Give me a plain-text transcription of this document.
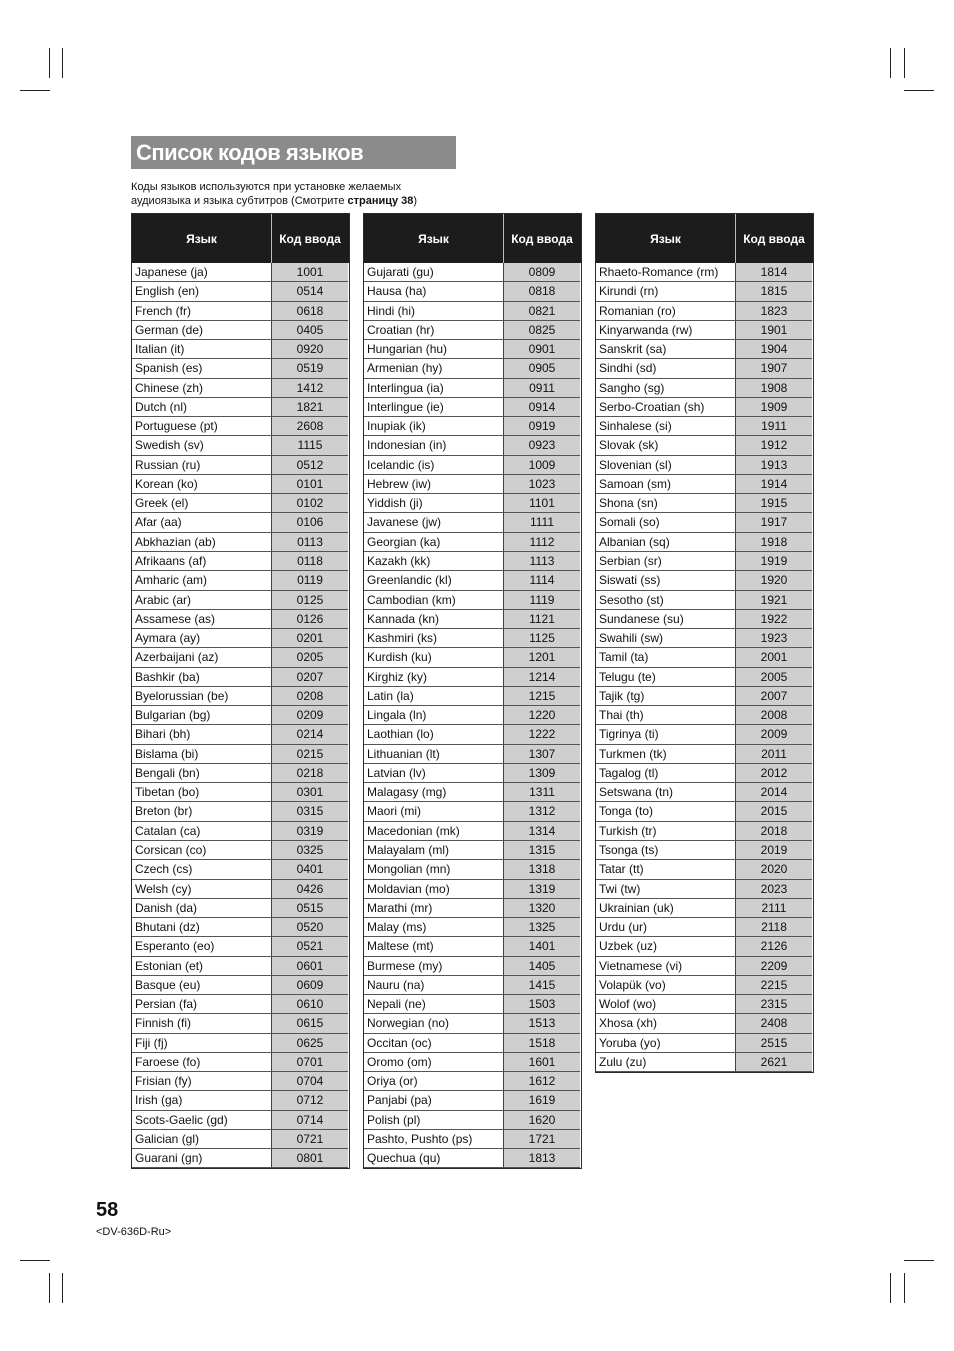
Список кодов языков
Коды языков используются при установке желаемых
аудиоязыка и языка субтитров (Смотрите страницу 38)
Язык	Код ввода
Japanese (ja)	1001
English (en)	0514
French (fr)	0618
German (de)	0405
Italian (it)	0920
Spanish (es)	0519
Chinese (zh)	1412
Dutch (nl)	1821
Portuguese (pt)	2608
Swedish (sv)	1115
Russian (ru)	0512
Korean (ko)	0101
Greek (el)	0102
Afar (aa)	0106
Abkhazian (ab)	0113
Afrikaans (af)	0118
Amharic (am)	0119
Arabic (ar)	0125
Assamese (as)	0126
Aymara (ay)	0201
Azerbaijani (az)	0205
Bashkir (ba)	0207
Byelorussian (be)	0208
Bulgarian (bg)	0209
Bihari (bh)	0214
Bislama (bi)	0215
Bengali (bn)	0218
Tibetan (bo)	0301
Breton (br)	0315
Catalan (ca)	0319
Corsican (co)	0325
Czech (cs)	0401
Welsh (cy)	0426
Danish (da)	0515
Bhutani (dz)	0520
Esperanto (eo)	0521
Estonian (et)	0601
Basque (eu)	0609
Persian (fa)	0610
Finnish (fi)	0615
Fiji (fj)	0625
Faroese (fo)	0701
Frisian (fy)	0704
Irish (ga)	0712
Scots-Gaelic (gd)	0714
Galician (gl)	0721
Guarani (gn)	0801
Язык	Код ввода
Gujarati (gu)	0809
Hausa (ha)	0818
Hindi (hi)	0821
Croatian (hr)	0825
Hungarian (hu)	0901
Armenian (hy)	0905
Interlingua (ia)	0911
Interlingue (ie)	0914
Inupiak (ik)	0919
Indonesian (in)	0923
Icelandic (is)	1009
Hebrew (iw)	1023
Yiddish (ji)	1101
Javanese (jw)	1111
Georgian (ka)	1112
Kazakh (kk)	1113
Greenlandic (kl)	1114
Cambodian (km)	1119
Kannada (kn)	1121
Kashmiri (ks)	1125
Kurdish (ku)	1201
Kirghiz (ky)	1214
Latin (la)	1215
Lingala (ln)	1220
Laothian (lo)	1222
Lithuanian (lt)	1307
Latvian (lv)	1309
Malagasy (mg)	1311
Maori (mi)	1312
Macedonian (mk)	1314
Malayalam (ml)	1315
Mongolian (mn)	1318
Moldavian (mo)	1319
Marathi (mr)	1320
Malay (ms)	1325
Maltese (mt)	1401
Burmese (my)	1405
Nauru (na)	1415
Nepali (ne)	1503
Norwegian (no)	1513
Occitan (oc)	1518
Oromo (om)	1601
Oriya (or)	1612
Panjabi (pa)	1619
Polish (pl)	1620
Pashto, Pushto (ps)	1721
Quechua (qu)	1813
Язык	Код ввода
Rhaeto-Romance (rm)	1814
Kirundi (rn)	1815
Romanian (ro)	1823
Kinyarwanda (rw)	1901
Sanskrit (sa)	1904
Sindhi (sd)	1907
Sangho (sg)	1908
Serbo-Croatian (sh)	1909
Sinhalese (si)	1911
Slovak (sk)	1912
Slovenian (sl)	1913
Samoan (sm)	1914
Shona (sn)	1915
Somali (so)	1917
Albanian (sq)	1918
Serbian (sr)	1919
Siswati (ss)	1920
Sesotho (st)	1921
Sundanese (su)	1922
Swahili (sw)	1923
Tamil (ta)	2001
Telugu (te)	2005
Tajik (tg)	2007
Thai (th)	2008
Tigrinya (ti)	2009
Turkmen (tk)	2011
Tagalog (tl)	2012
Setswana (tn)	2014
Tonga (to)	2015
Turkish (tr)	2018
Tsonga (ts)	2019
Tatar (tt)	2020
Twi (tw)	2023
Ukrainian (uk)	2111
Urdu (ur)	2118
Uzbek (uz)	2126
Vietnamese (vi)	2209
Volapük (vo)	2215
Wolof (wo)	2315
Xhosa (xh)	2408
Yoruba (yo)	2515
Zulu (zu)	2621
58
<DV-636D-Ru>
